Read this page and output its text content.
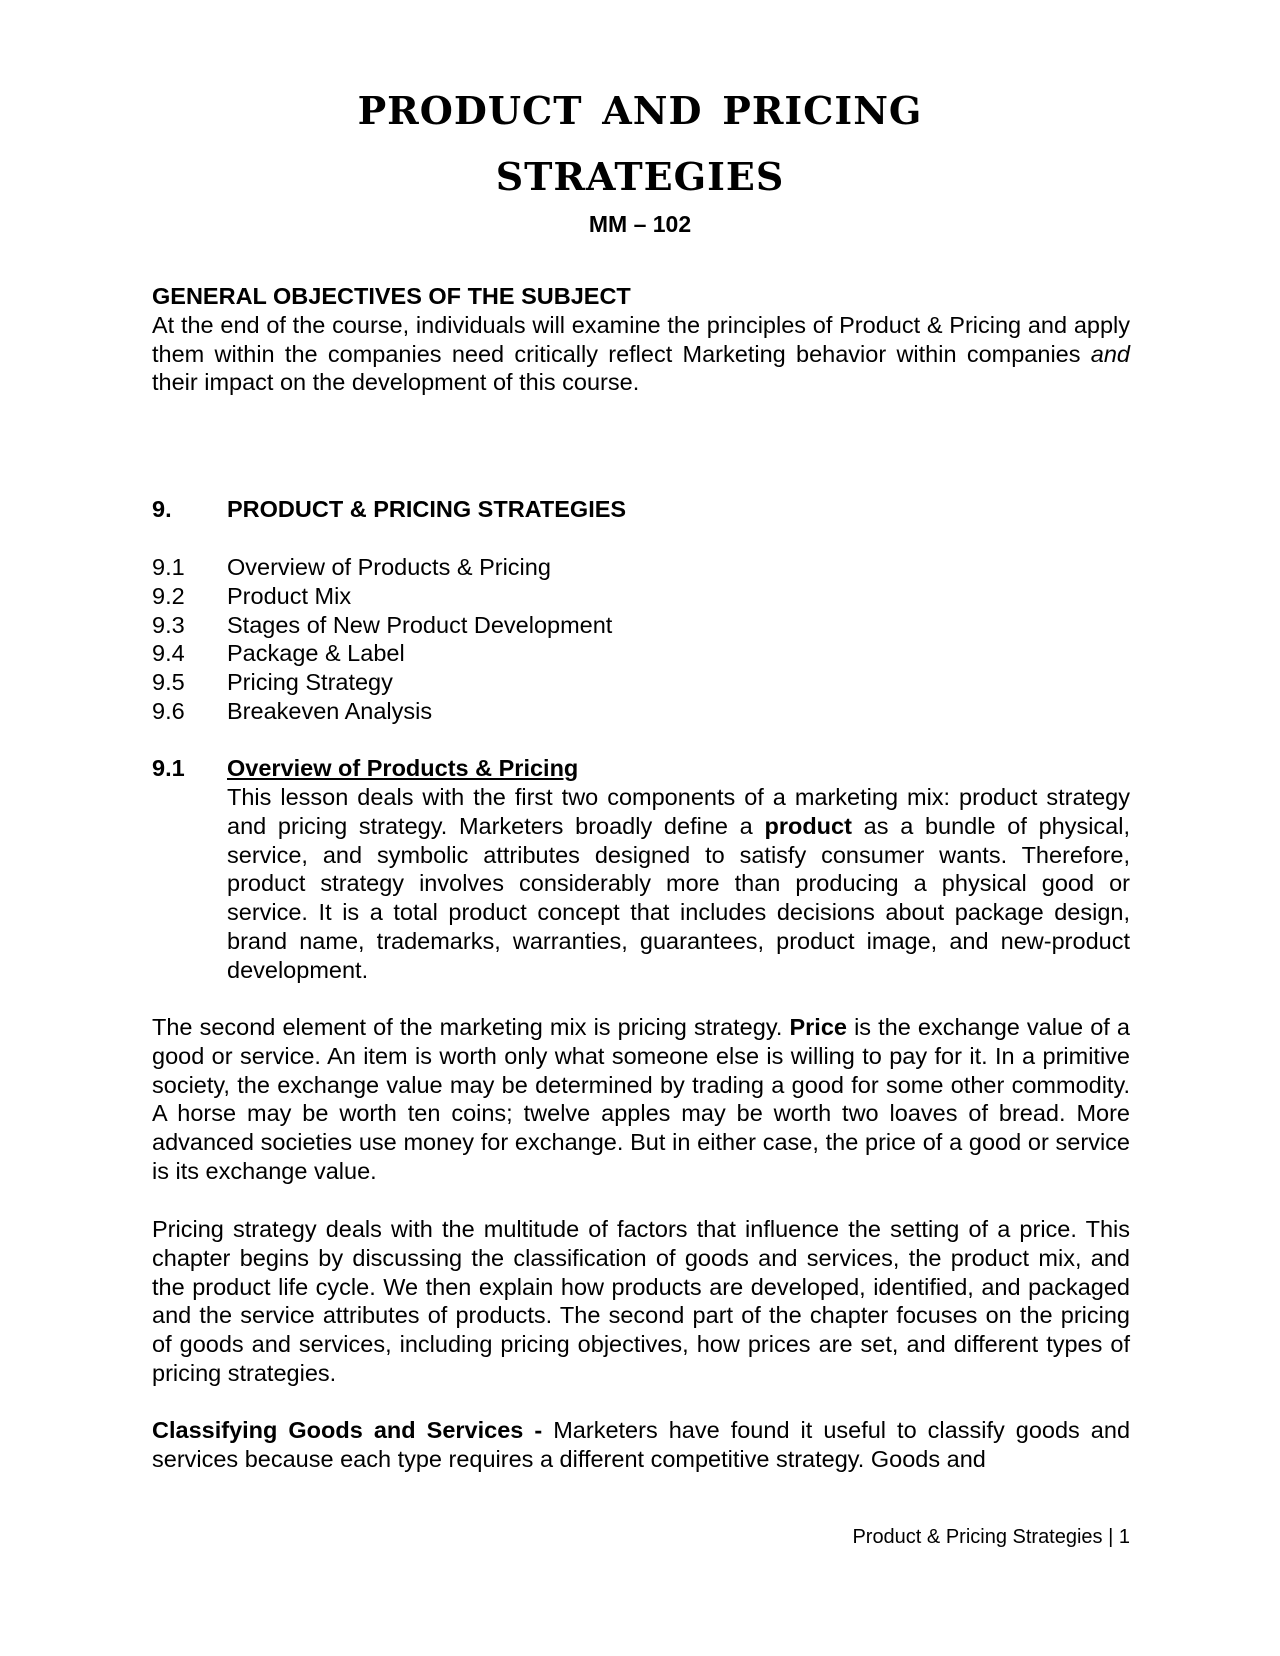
product and pricing
strategies
MM – 102
GENERAL OBJECTIVES OF THE SUBJECT
At the end of the course, individuals will examine the principles of Product & Pricing and apply them within the companies need critically reflect Marketing behavior within companies and their impact on the development of this course.
9.	PRODUCT & PRICING STRATEGIES
9.1	Overview of Products & Pricing
9.2	Product Mix
9.3	Stages of New Product Development
9.4	Package & Label
9.5	Pricing Strategy
9.6	Breakeven Analysis
9.1	Overview of Products & Pricing
This lesson deals with the first two components of a marketing mix: product strategy and pricing strategy. Marketers broadly define a product as a bundle of physical, service, and symbolic attributes designed to satisfy consumer wants. Therefore, product strategy involves considerably more than producing a physical good or service. It is a total product concept that includes decisions about package design, brand name, trademarks, warranties, guarantees, product image, and new-product development.
The second element of the marketing mix is pricing strategy. Price is the exchange value of a good or service. An item is worth only what someone else is willing to pay for it. In a primitive society, the exchange value may be determined by trading a good for some other commodity. A horse may be worth ten coins; twelve apples may be worth two loaves of bread. More advanced societies use money for exchange. But in either case, the price of a good or service is its exchange value.
Pricing strategy deals with the multitude of factors that influence the setting of a price. This chapter begins by discussing the classification of goods and services, the product mix, and the product life cycle. We then explain how products are developed, identified, and packaged and the service attributes of products. The second part of the chapter focuses on the pricing of goods and services, including pricing objectives, how prices are set, and different types of pricing strategies.
Classifying Goods and Services - Marketers have found it useful to classify goods and services because each type requires a different competitive strategy. Goods and
Product & Pricing Strategies | 1
